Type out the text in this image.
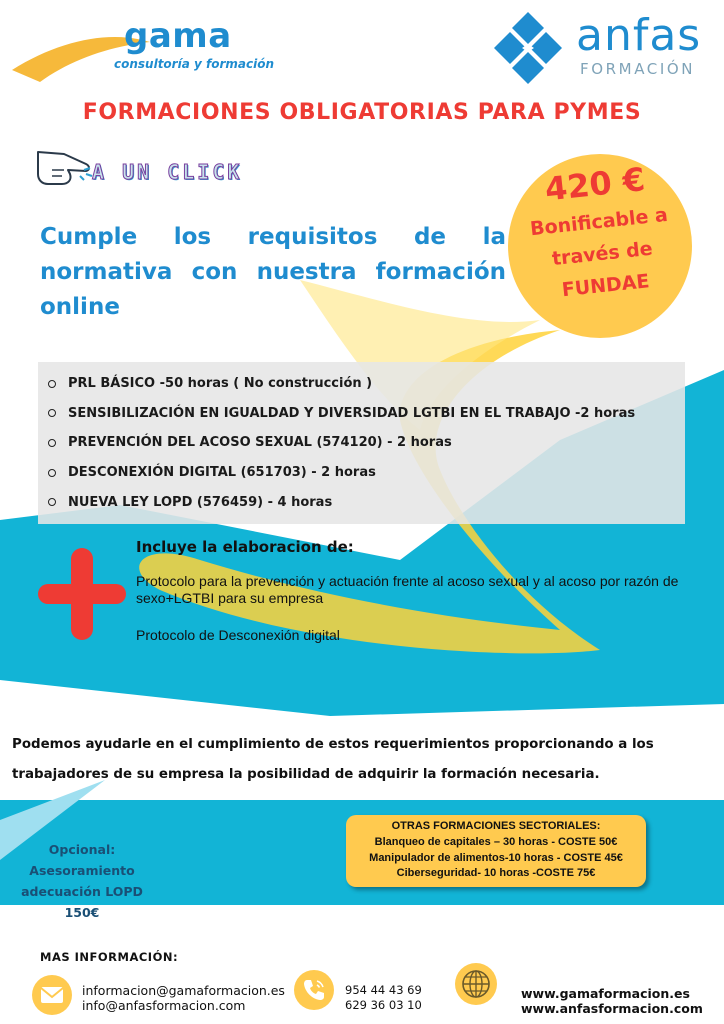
gama
consultoría y formación
anfas
FORMACIÓN
FORMACIONES OBLIGATORIAS PARA PYMES
A UN CLICK	420 €
Bonificable a
través de
FUNDAE
Cumple los requisitos de la normativa con nuestra formación online
PRL BÁSICO -50 horas ( No construcción )
SENSIBILIZACIÓN EN IGUALDAD Y DIVERSIDAD LGTBI EN EL TRABAJO -2 horas
PREVENCIÓN DEL ACOSO SEXUAL (574120) - 2 horas
DESCONEXIÓN DIGITAL (651703) - 2 horas
NUEVA LEY LOPD (576459) - 4 horas
Incluye la elaboracion de:
Protocolo para la prevención y actuación frente al acoso sexual y al acoso por razón de sexo+LGTBI para su empresa
Protocolo de Desconexión digital
Podemos ayudarle en el cumplimiento de estos requerimientos proporcionando a los
trabajadores de su empresa la posibilidad de adquirir la formación necesaria.
Opcional:
Asesoramiento
adecuación LOPD
150€
OTRAS FORMACIONES SECTORIALES:
Blanqueo de capitales – 30 horas - COSTE 50€
Manipulador de alimentos-10 horas - COSTE 45€
Ciberseguridad- 10 horas -COSTE 75€
MAS INFORMACIÓN:
informacion@gamaformacion.es
info@anfasformacion.com
954 44 43 69
629 36 03 10
www.gamaformacion.es
www.anfasformacion.com
